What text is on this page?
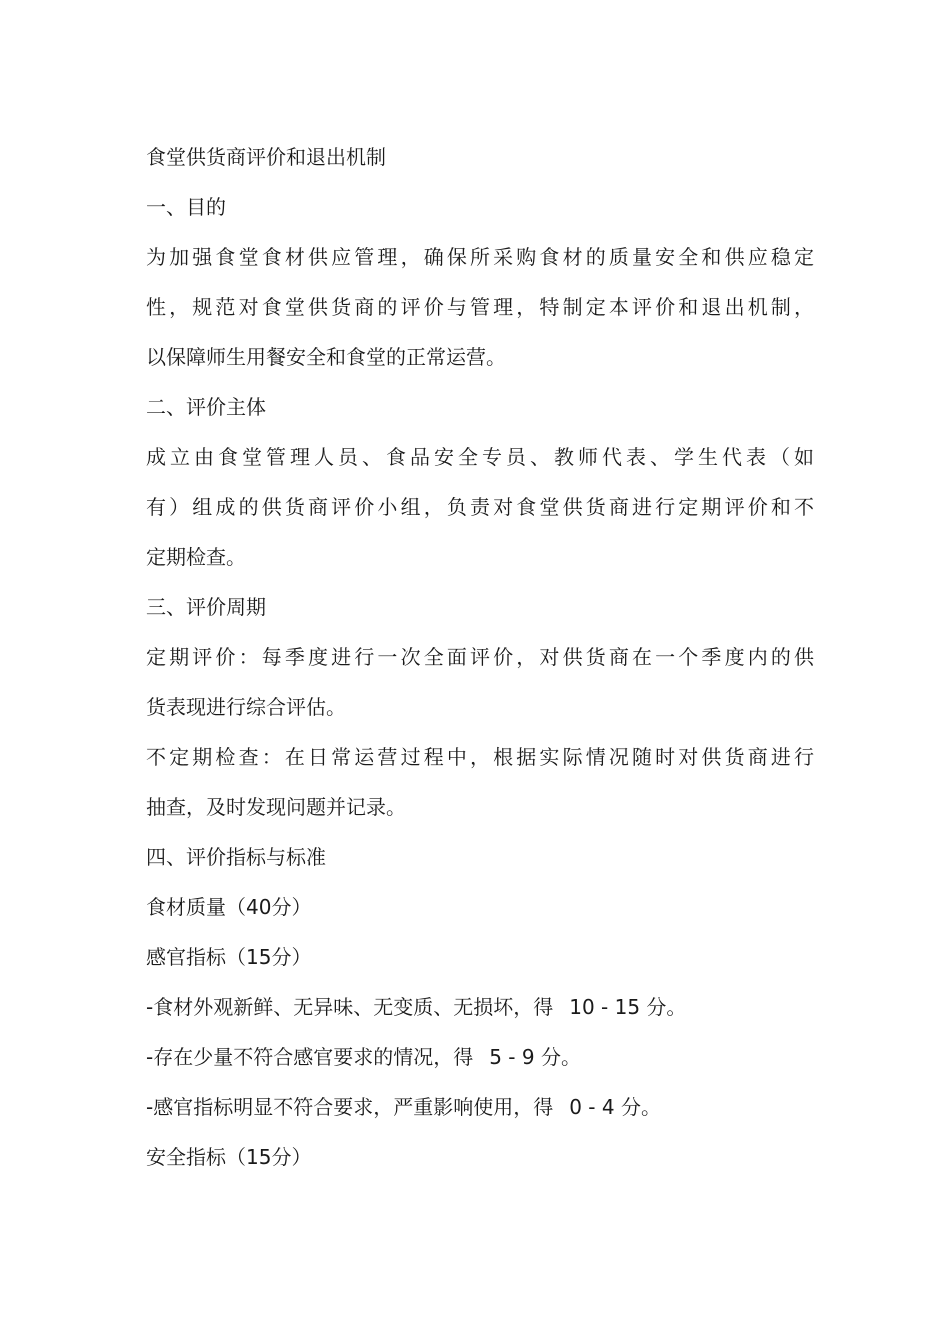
食堂供货商评价和退出机制
一、目的
为加强食堂食材供应管理，确保所采购食材的质量安全和供应稳定
性，规范对食堂供货商的评价与管理，特制定本评价和退出机制，
以保障师生用餐安全和食堂的正常运营。
二、评价主体
成立由食堂管理人员、食品安全专员、教师代表、学生代表（如
有）组成的供货商评价小组，负责对食堂供货商进行定期评价和不
定期检查。
三、评价周期
定期评价：每季度进行一次全面评价，对供货商在一个季度内的供
货表现进行综合评估。
不定期检查：在日常运营过程中，根据实际情况随时对供货商进行
抽查，及时发现问题并记录。
四、评价指标与标准
食材质量（40分）
感官指标（15分）
-食材外观新鲜、无异味、无变质、无损坏，得 10 - 15 分。
-存在少量不符合感官要求的情况，得 5 - 9 分。
-感官指标明显不符合要求，严重影响使用，得 0 - 4 分。
安全指标（15分）
